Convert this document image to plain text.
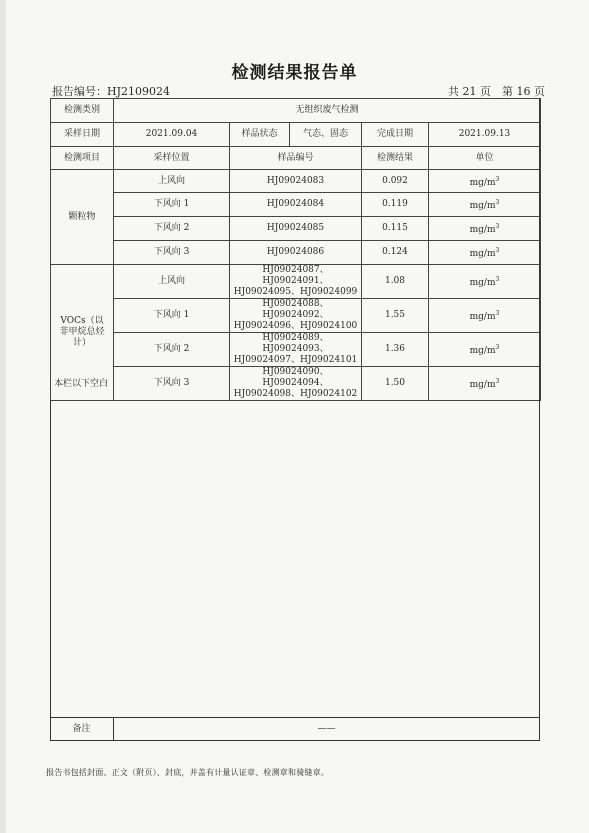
检测结果报告单
报告编号：HJ2109024	共 21 页　第 16 页
检测类别	无组织废气检测				
采样日期	2021.09.04	样品状态	气态、固态	完成日期	2021.09.13
检测项目	采样位置	样品编号		检测结果	单位
颗粒物	上风向	HJ09024083		0.092	$mg/m^3$
	下风向 1	HJ09024084		0.119	$mg/m^3$
	下风向 2	HJ09024085		0.115	$mg/m^3$
	下风向 3	HJ09024086		0.124	$mg/m^3$
VOCs（以非甲烷总烃计）	上风向	HJ09024087、HJ09024091、
HJ09024095、HJ09024099		1.08	$mg/m^3$
	下风向 1	HJ09024088、HJ09024092、
HJ09024096、HJ09024100		1.55	$mg/m^3$
	下风向 2	HJ09024089、HJ09024093、
HJ09024097、HJ09024101		1.36	$mg/m^3$
	下风向 3	HJ09024090、HJ09024094、
HJ09024098、HJ09024102		1.50	$mg/m^3$
本栏以下空白
备注	——
报告书包括封面、正文（附页）、封底，并盖有计量认证章、检测章和骑缝章。
